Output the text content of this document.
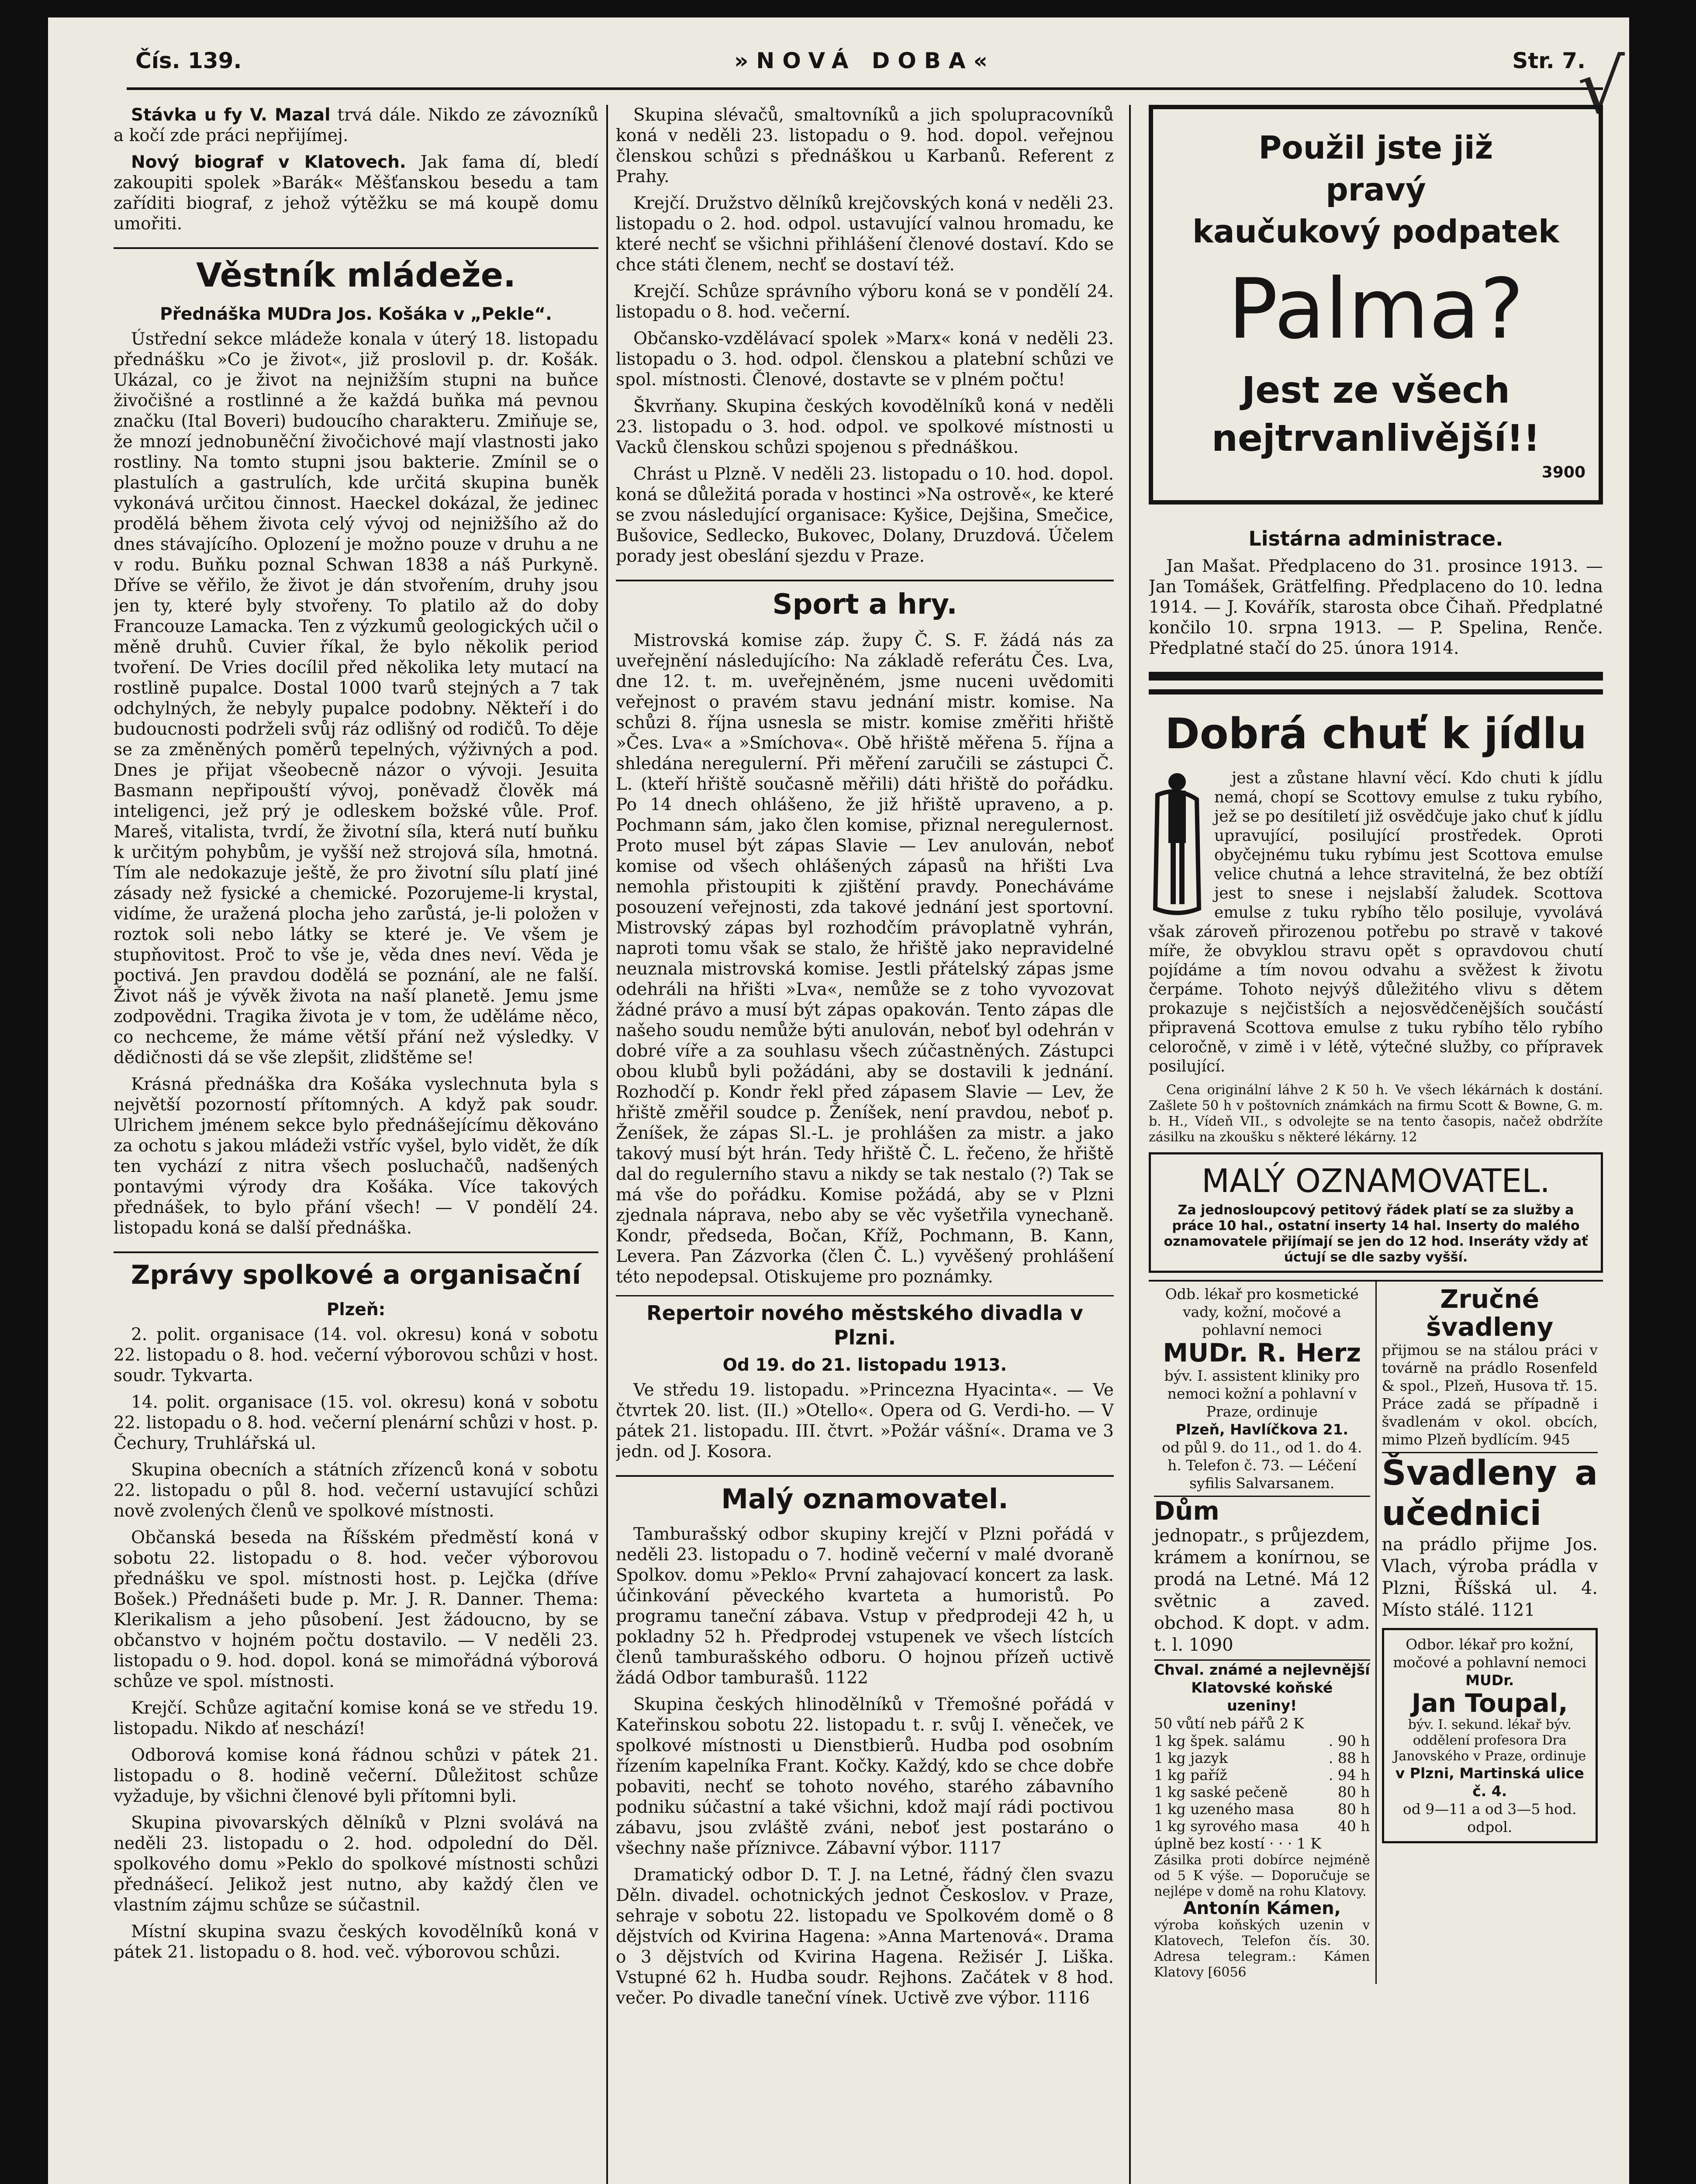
Čís. 139.	»NOVÁ DOBA«	Str. 7.
√

Stávka u fy V. Mazal trvá dále. Nikdo ze závozníků a kočí zde práci nepřijímej.

Nový biograf v Klatovech. Jak fama dí, bledí zakoupiti spolek »Barák« Měšťanskou besedu a tam zaříditi biograf, z jehož výtěžku se má koupě domu umořiti.

Věstník mládeže.
Přednáška MUDra Jos. Košáka v „Pekle“.

Ústřední sekce mládeže konala v úterý 18. listopadu přednášku »Co je život«, již proslovil p. dr. Košák. Ukázal, co je život na nejnižším stupni na buňce živočišné a rostlinné a že každá buňka má pevnou značku (Ital Boveri) budoucího charakteru. Zmiňuje se, že mnozí jednobuněční živočichové mají vlastnosti jako rostliny. Na tomto stupni jsou bakterie. Zmínil se o plastulích a gastrulích, kde určitá skupina buněk vykonává určitou činnost. Haeckel dokázal, že jedinec prodělá během života celý vývoj od nejnižšího až do dnes stávajícího. Oplození je možno pouze v druhu a ne v rodu. Buňku poznal Schwan 1838 a náš Purkyně. Dříve se věřilo, že život je dán stvořením, druhy jsou jen ty, které byly stvořeny. To platilo až do doby Francouze Lamacka. Ten z výzkumů geologických učil o měně druhů. Cuvier říkal, že bylo několik period tvoření. De Vries docílil před několika lety mutací na rostlině pupalce. Dostal 1000 tvarů stejných a 7 tak odchylných, že nebyly pupalce podobny. Někteří i do budoucnosti podrželi svůj ráz odlišný od rodičů. To děje se za změněných poměrů tepelných, výživných a pod. Dnes je přijat všeobecně názor o vývoji. Jesuita Basmann nepřipouští vývoj, poněvadž člověk má inteligenci, jež prý je odleskem božské vůle. Prof. Mareš, vitalista, tvrdí, že životní síla, která nutí buňku k určitým pohybům, je vyšší než strojová síla, hmotná. Tím ale nedokazuje ještě, že pro životní sílu platí jiné zásady než fysické a chemické. Pozorujeme-li krystal, vidíme, že uražená plocha jeho zarůstá, je-li položen v roztok soli nebo látky se které je. Ve všem je stupňovitost. Proč to vše je, věda dnes neví. Věda je poctivá. Jen pravdou dodělá se poznání, ale ne falší. Život náš je vývěk života na naší planetě. Jemu jsme zodpovědni. Tragika života je v tom, že uděláme něco, co nechceme, že máme větší přání než výsledky. V dědičnosti dá se vše zlepšit, zlidštěme se!

Krásná přednáška dra Košáka vyslechnuta byla s největší pozorností přítomných. A když pak soudr. Ulrichem jménem sekce bylo přednášejícímu děkováno za ochotu s jakou mládeži vstříc vyšel, bylo vidět, že dík ten vychází z nitra všech posluchačů, nadšených pontavými výrody dra Košáka. Více takových přednášek, to bylo přání všech! — V pondělí 24. listopadu koná se další přednáška.

Zprávy spolkové a organisační
Plzeň:

2. polit. organisace (14. vol. okresu) koná v sobotu 22. listopadu o 8. hod. večerní výborovou schůzi v host. soudr. Tykvarta.

14. polit. organisace (15. vol. okresu) koná v sobotu 22. listopadu o 8. hod. večerní plenární schůzi v host. p. Čechury, Truhlářská ul.

Skupina obecních a státních zřízenců koná v sobotu 22. listopadu o půl 8. hod. večerní ustavující schůzi nově zvolených členů ve spolkové místnosti.

Občanská beseda na Říšském předměstí koná v sobotu 22. listopadu o 8. hod. večer výborovou přednášku ve spol. místnosti host. p. Lejčka (dříve Bošek.) Přednášeti bude p. Mr. J. R. Danner. Thema: Klerikalism a jeho působení. Jest žádoucno, by se občanstvo v hojném počtu dostavilo. — V neděli 23. listopadu o 9. hod. dopol. koná se mimořádná výborová schůze ve spol. místnosti.

Krejčí. Schůze agitační komise koná se ve středu 19. listopadu. Nikdo ať neschází!

Odborová komise koná řádnou schůzi v pátek 21. listopadu o 8. hodině večerní. Důležitost schůze vyžaduje, by všichni členové byli přítomni byli.

Skupina pivovarských dělníků v Plzni svolává na neděli 23. listopadu o 2. hod. odpolední do Děl. spolkového domu »Peklo do spolkové místnosti schůzi přednášecí. Jelikož jest nutno, aby každý člen ve vlastním zájmu schůze se súčastnil.

Místní skupina svazu českých kovodělníků koná v pátek 21. listopadu o 8. hod. več. výborovou schůzi.

Skupina slévačů, smaltovníků a jich spolupracovníků koná v neděli 23. listopadu o 9. hod. dopol. veřejnou členskou schůzi s přednáškou u Karbanů. Referent z Prahy.

Krejčí. Družstvo dělníků krejčovských koná v neděli 23. listopadu o 2. hod. odpol. ustavující valnou hromadu, ke které nechť se všichni přihlášení členové dostaví. Kdo se chce státi členem, nechť se dostaví též.

Krejčí. Schůze správního výboru koná se v pondělí 24. listopadu o 8. hod. večerní.

Občansko-vzdělávací spolek »Marx« koná v neděli 23. listopadu o 3. hod. odpol. členskou a platební schůzi ve spol. místnosti. Členové, dostavte se v plném počtu!

Škvrňany. Skupina českých kovodělníků koná v neděli 23. listopadu o 3. hod. odpol. ve spolkové místnosti u Vacků členskou schůzi spojenou s přednáškou.

Chrást u Plzně. V neděli 23. listopadu o 10. hod. dopol. koná se důležitá porada v hostinci »Na ostrově«, ke které se zvou následující organisace: Kyšice, Dejšina, Smečice, Bušovice, Sedlecko, Bukovec, Dolany, Druzdová. Účelem porady jest obeslání sjezdu v Praze.

Sport a hry.

Mistrovská komise záp. župy Č. S. F. žádá nás za uveřejnění následujícího: Na základě referátu Čes. Lva, dne 12. t. m. uveřejněném, jsme nuceni uvědomiti veřejnost o pravém stavu jednání mistr. komise. Na schůzi 8. října usnesla se mistr. komise změřiti hřiště »Čes. Lva« a »Smíchova«. Obě hřiště měřena 5. října a shledána neregulerní. Při měření zaručili se zástupci Č. L. (kteří hřiště současně měřili) dáti hřiště do pořádku. Po 14 dnech ohlášeno, že již hřiště upraveno, a p. Pochmann sám, jako člen komise, přiznal neregulernost. Proto musel být zápas Slavie — Lev anulován, neboť komise od všech ohlášených zápasů na hřišti Lva nemohla přistoupiti k zjištění pravdy. Ponecháváme posouzení veřejnosti, zda takové jednání jest sportovní. Mistrovský zápas byl rozhodčím právoplatně vyhrán, naproti tomu však se stalo, že hřiště jako nepravidelné neuznala mistrovská komise. Jestli přátelský zápas jsme odehráli na hřišti »Lva«, nemůže se z toho vyvozovat žádné právo a musí být zápas opakován. Tento zápas dle našeho soudu nemůže býti anulován, neboť byl odehrán v dobré víře a za souhlasu všech zúčastněných. Zástupci obou klubů byli požádáni, aby se dostavili k jednání. Rozhodčí p. Kondr řekl před zápasem Slavie — Lev, že hřiště změřil soudce p. Ženíšek, není pravdou, neboť p. Ženíšek, že zápas Sl.-L. je prohlášen za mistr. a jako takový musí být hrán. Tedy hřiště Č. L. řečeno, že hřiště dal do regulerního stavu a nikdy se tak nestalo (?) Tak se má vše do pořádku. Komise požádá, aby se v Plzni zjednala náprava, nebo aby se věc vyšetřila vynechaně. Kondr, předseda, Bočan, Kříž, Pochmann, B. Kann, Levera. Pan Zázvorka (člen Č. L.) vyvěšený prohlášení této nepodepsal. Otiskujeme pro poznámky.

Repertoir nového městského divadla v Plzni.
Od 19. do 21. listopadu 1913.

Ve středu 19. listopadu. »Princezna Hyacinta«. — Ve čtvrtek 20. list. (II.) »Otello«. Opera od G. Verdi-ho. — V pátek 21. listopadu. III. čtvrt. »Požár vášní«. Drama ve 3 jedn. od J. Kosora.

Malý oznamovatel.

Tamburašský odbor skupiny krejčí v Plzni pořádá v neděli 23. listopadu o 7. hodině večerní v malé dvoraně Spolkov. domu »Peklo« První zahajovací koncert za lask. účinkování pěveckého kvarteta a humoristů. Po programu taneční zábava. Vstup v předprodeji 42 h, u pokladny 52 h. Předprodej vstupenek ve všech lístcích členů tamburašského odboru. O hojnou přízeň uctivě žádá Odbor tamburašů. 1122

Skupina českých hlinodělníků v Třemošné pořádá v Kateřinskou sobotu 22. listopadu t. r. svůj I. věneček, ve spolkové místnosti u Dienstbierů. Hudba pod osobním řízením kapelníka Frant. Kočky. Každý, kdo se chce dobře pobaviti, nechť se tohoto nového, starého zábavního podniku súčastní a také všichni, kdož mají rádi poctivou zábavu, jsou zvláště zváni, neboť jest postaráno o všechny naše příznivce. Zábavní výbor. 1117

Dramatický odbor D. T. J. na Letné, řádný člen svazu Děln. divadel. ochotnických jednot Českoslov. v Praze, sehraje v sobotu 22. listopadu ve Spolkovém domě o 8 dějstvích od Kvirina Hagena: »Anna Martenová«. Drama o 3 dějstvích od Kvirina Hagena. Režisér J. Liška. Vstupné 62 h. Hudba soudr. Rejhons. Začátek v 8 hod. večer. Po divadle taneční vínek. Uctivě zve výbor. 1116

Použil jste již
pravý
kaučukový podpatek
Palma?
Jest ze všech
nejtrvanlivější!!
3900
Listárna administrace.

Jan Mašat. Předplaceno do 31. prosince 1913. — Jan Tomášek, Grätfelfing. Předplaceno do 10. ledna 1914. — J. Kovářík, starosta obce Čihaň. Předplatné končilo 10. srpna 1913. — P. Spelina, Renče. Předplatné stačí do 25. února 1914.

Dobrá chuť k jídlu

jest a zůstane hlavní věcí. Kdo chuti k jídlu nemá, chopí se Scottovy emulse z tuku rybího, jež se po desítiletí již osvědčuje jako chuť k jídlu upravující, posilující prostředek. Oproti obyčejnému tuku rybímu jest Scottova emulse velice chutná a lehce stravitelná, že bez obtíží jest to snese i nejslabší žaludek. Scottova emulse z tuku rybího tělo posiluje, vyvolává však zároveň přirozenou potřebu po stravě v takové míře, že obvyklou stravu opět s opravdovou chutí pojídáme a tím novou odvahu a svěžest k životu čerpáme. Tohoto nejvýš důležitého vlivu s dětem prokazuje s nejčistších a nejosvědčenějších součástí připravená Scottova emulse z tuku rybího tělo rybího celoročně, v zimě i v létě, výtečné služby, co přípravek posilující.

Cena originální láhve 2 K 50 h. Ve všech lékárnách k dostání. Zašlete 50 h v poštovních známkách na firmu Scott & Bowne, G. m. b. H., Vídeň VII., s odvolejte se na tento časopis, načež obdržíte zásilku na zkoušku s některé lékárny. 12

MALÝ OZNAMOVATEL.
Za jednosloupcový petitový řádek platí se za služby a práce 10 hal., ostatní inserty 14 hal. Inserty do malého oznamovatele přijímají se jen do 12 hod. Inseráty vždy ať úctují se dle sazby vyšší.
Odb. lékař pro kosmetické vady, kožní, močové a pohlavní nemoci
MUDr. R. Herz
býv. I. assistent kliniky pro nemoci kožní a pohlavní v Praze, ordinuje
Plzeň, Havlíčkova 21.
od půl 9. do 11., od 1. do 4. h. Telefon č. 73. — Léčení syfilis Salvarsanem.
Dům
jednopatr., s průjezdem, krámem a konírnou, se prodá na Letné. Má 12 světnic a zaved. obchod. K dopt. v adm. t. l. 1090
Chval. známé a nejlevnější Klatovské koňské uzeniny!
50 vůtí neb pářů 2 K
1 kg špek. salámu	. 90 h
1 kg jazyk	. 88 h
1 kg paříž	. 94 h
1 kg saské pečeně	80 h
1 kg uzeného masa	80 h
1 kg syrového masa	40 h
úplně bez kostí · · · 1 K
Zásilka proti dobírce nejméně od 5 K výše. — Doporučuje se nejlépe v domě na rohu Klatovy.
Antonín Kámen,
výroba koňských uzenin v Klatovech, Telefon čís. 30. Adresa telegram.: Kámen Klatovy [6056
Zručné švadleny
přijmou se na stálou práci v továrně na prádlo Rosenfeld & spol., Plzeň, Husova tř. 15. Práce zadá se případně i švadlenám v okol. obcích, mimo Plzeň bydlícím. 945
Švadleny a učednici
na prádlo přijme Jos. Vlach, výroba prádla v Plzni, Říšská ul. 4. Místo stálé. 1121
Odbor. lékař pro kožní, močové a pohlavní nemoci
MUDr.
Jan Toupal,
býv. I. sekund. lékař býv. oddělení profesora Dra Janovského v Praze, ordinuje
v Plzni, Martinská ulice č. 4.
od 9—11 a od 3—5 hod. odpol.
